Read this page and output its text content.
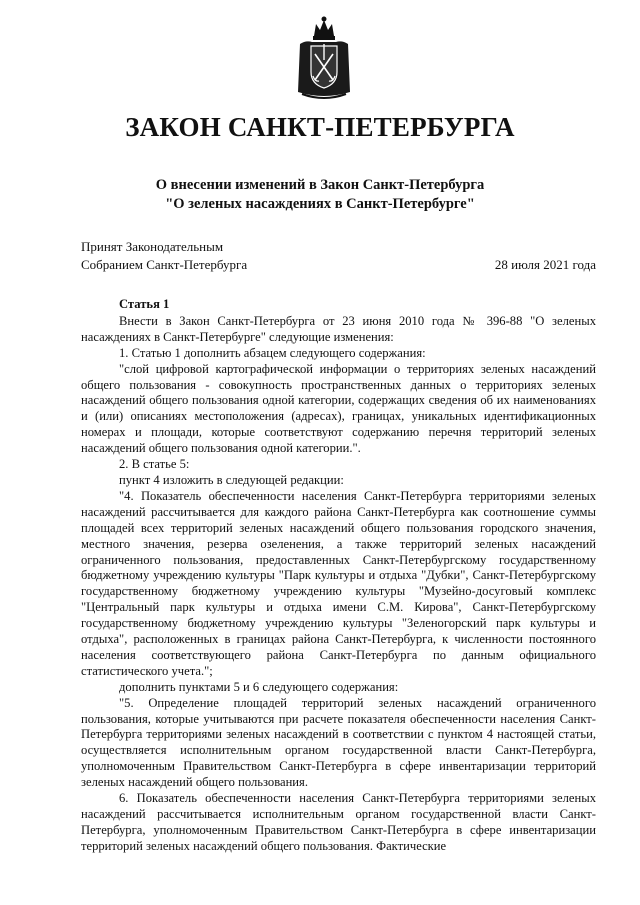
ЗАКОН САНКТ-ПЕТЕРБУРГА
О внесении изменений в Закон Санкт-Петербурга
"О зеленых насаждениях в Санкт-Петербурге"
Принят Законодательным
Собранием Санкт-Петербурга	28 июля 2021 года

Статья 1

Внести в Закон Санкт-Петербурга от 23 июня 2010 года № 396-88 "О зеленых насаждениях в Санкт-Петербурге" следующие изменения:

1. Статью 1 дополнить абзацем следующего содержания:

"слой цифровой картографической информации о территориях зеленых насаждений общего пользования - совокупность пространственных данных о территориях зеленых насаждений общего пользования одной категории, содержащих сведения об их наименованиях и (или) описаниях местоположения (адресах), границах, уникальных идентификационных номерах и площади, которые соответствуют содержанию перечня территорий зеленых насаждений общего пользования одной категории.".

2. В статье 5:

пункт 4 изложить в следующей редакции:

"4. Показатель обеспеченности населения Санкт-Петербурга территориями зеленых насаждений рассчитывается для каждого района Санкт-Петербурга как соотношение суммы площадей всех территорий зеленых насаждений общего пользования городского значения, местного значения, резерва озеленения, а также территорий зеленых насаждений ограниченного пользования, предоставленных Санкт-Петербургскому государственному бюджетному учреждению культуры "Парк культуры и отдыха "Дубки", Санкт-Петербургскому государственному бюджетному учреждению культуры "Музейно-досуговый комплекс "Центральный парк культуры и отдыха имени С.М. Кирова", Санкт-Петербургскому государственному бюджетному учреждению культуры "Зеленогорский парк культуры и отдыха", расположенных в границах района Санкт-Петербурга, к численности постоянного населения соответствующего района Санкт-Петербурга по данным официального статистического учета.";

дополнить пунктами 5 и 6 следующего содержания:

"5. Определение площадей территорий зеленых насаждений ограниченного пользования, которые учитываются при расчете показателя обеспеченности населения Санкт-Петербурга территориями зеленых насаждений в соответствии с пунктом 4 настоящей статьи, осуществляется исполнительным органом государственной власти Санкт-Петербурга, уполномоченным Правительством Санкт-Петербурга в сфере инвентаризации территорий зеленых насаждений общего пользования.

6. Показатель обеспеченности населения Санкт-Петербурга территориями зеленых насаждений рассчитывается исполнительным органом государственной власти Санкт-Петербурга, уполномоченным Правительством Санкт-Петербурга в сфере инвентаризации территорий зеленых насаждений общего пользования. Фактические
